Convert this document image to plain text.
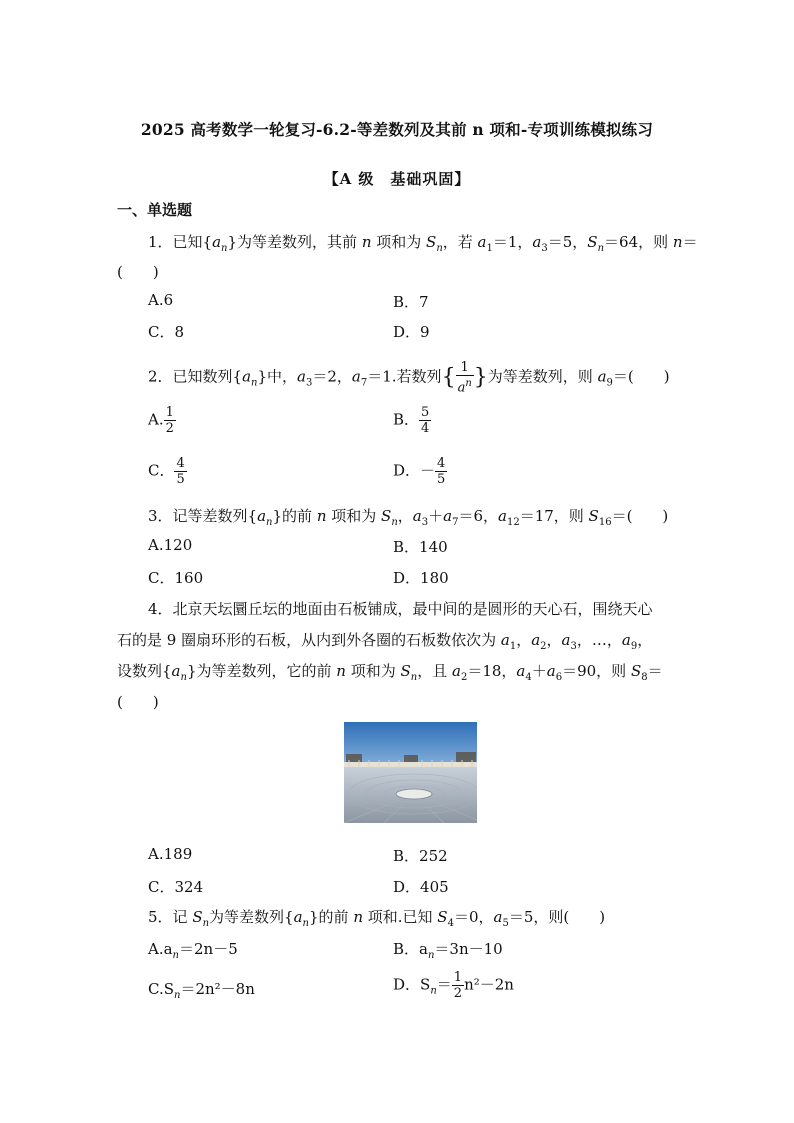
2025 高考数学一轮复习-6.2-等差数列及其前 n 项和-专项训练模拟练习
【A 级　基础巩固】
一、单选题
1．已知$\{a_n\}$为等差数列，其前 n 项和为 $S_n$，若 $a_1=1$，$a_3=5$，$S_n=64$，则 n＝
(　　)
A.6	B．7
C．8	D．9
2．已知数列$\{a_n\}$中，$a_3=2$，$a_7=1$.若数列{ $\frac{1}{a^n}$ }为等差数列，则 $a_9=$(　　)
A. $\frac{1}{2}$	B． $\frac{5}{4}$
C． $\frac{4}{5}$	D．－ $\frac{4}{5}$
3．记等差数列$\{a_n\}$的前 n 项和为 $S_n$，$a_3+a_7=6$，$a_{12}=17$，则 $S_{16}=$(　　)
A.120	B．140
C．160	D．180
4．北京天坛圜丘坛的地面由石板铺成，最中间的是圆形的天心石，围绕天心
石的是 9 圈扇环形的石板，从内到外各圈的石板数依次为 $a_1$，$a_2$，$a_3$，…，$a_9$，
设数列$\{a_n\}$为等差数列，它的前 n 项和为 $S_n$，且 $a_2=18$，$a_4+a_6=90$，则 $S_8=$
(　　)
A.189	B．252
C．324	D．405
5．记 $S_n$为等差数列$\{a_n\}$的前 n 项和.已知 $S_4=0$，$a_5=5$，则(　　)
$A.a_n=2n-5$	B．$a_n=3n-10$
$C.S_n=2n^2-8n$	D．$S_n= \frac{1}{2} n^2-2n$
